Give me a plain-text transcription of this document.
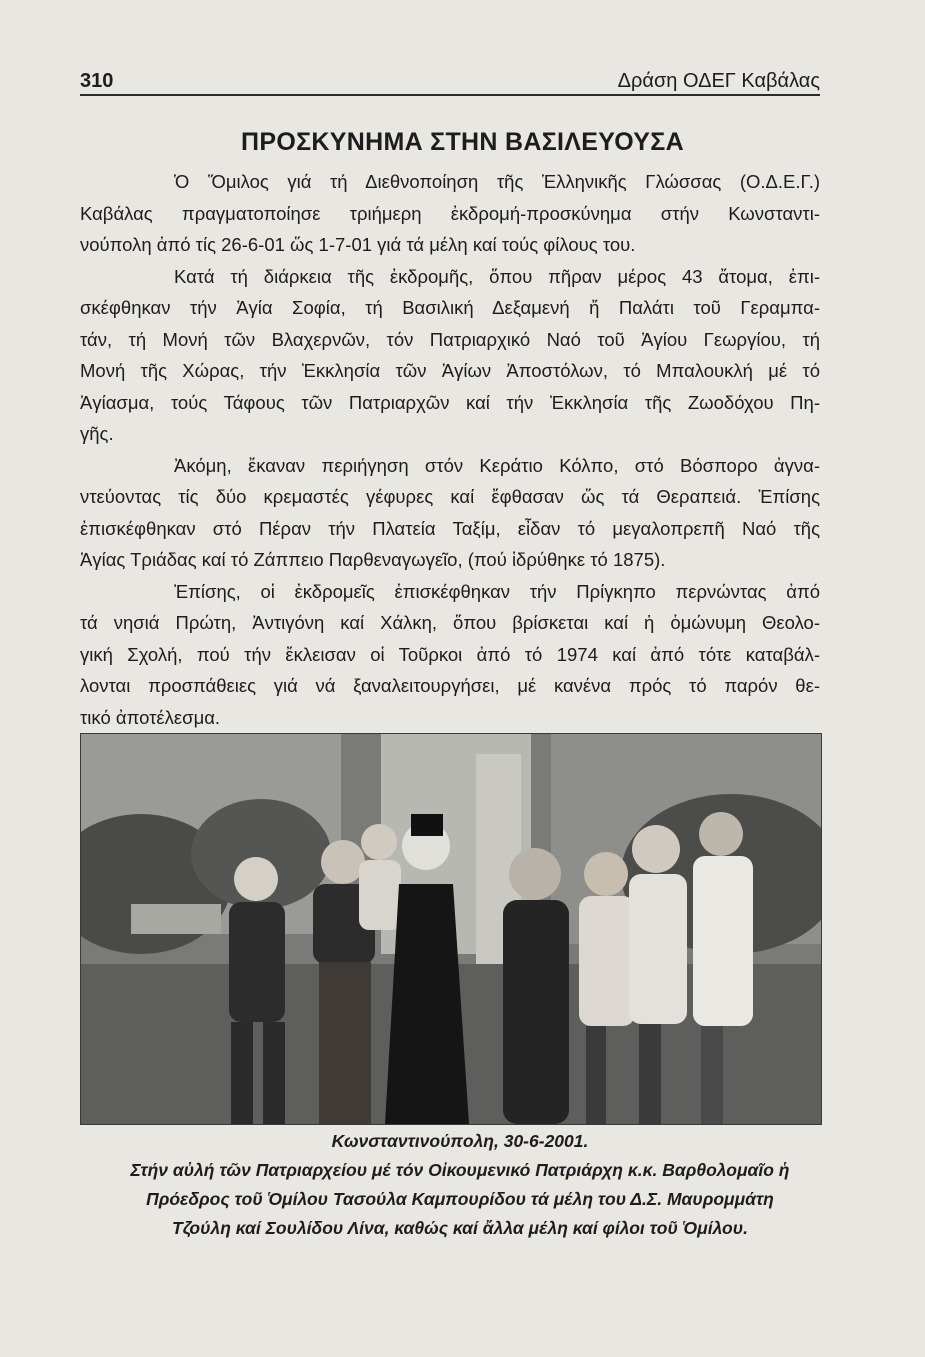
310	Δράση ΟΔΕΓ Καβάλας
ΠΡΟΣΚΥΝΗΜΑ ΣΤΗΝ ΒΑΣΙΛΕΥΟΥΣΑ
Ὁ Ὅμιλος γιά τή Διεθνοποίηση τῆς Ἑλληνικῆς Γλώσσας (Ο.Δ.Ε.Γ.)
Καβάλας πραγματοποίησε τριήμερη ἐκδρομή-προσκύνημα στήν Κωνσταντι-
νούπολη ἀπό τίς 26-6-01 ὥς 1-7-01 γιά τά μέλη καί τούς φίλους του.
Κατά τή διάρκεια τῆς ἐκδρομῆς, ὅπου πῆραν μέρος 43 ἄτομα, ἐπι-
σκέφθηκαν τήν Ἁγία Σοφία, τή Βασιλική Δεξαμενή ἤ Παλάτι τοῦ Γεραμπα-
τάν, τή Μονή τῶν Βλαχερνῶν, τόν Πατριαρχικό Ναό τοῦ Ἁγίου Γεωργίου, τή
Μονή τῆς Χώρας, τήν Ἐκκλησία τῶν Ἁγίων Ἀποστόλων, τό Μπαλουκλή μέ τό
Ἁγίασμα, τούς Τάφους τῶν Πατριαρχῶν καί τήν Ἐκκλησία τῆς Ζωοδόχου Πη-
γῆς.
Ἀκόμη, ἔκαναν περιήγηση στόν Κεράτιο Κόλπο, στό Βόσπορο ἀγνα-
ντεύοντας τίς δύο κρεμαστές γέφυρες καί ἔφθασαν ὥς τά Θεραπειά. Ἐπίσης
ἐπισκέφθηκαν στό Πέραν τήν Πλατεία Ταξίμ, εἶδαν τό μεγαλοπρεπῆ Ναό τῆς
Ἁγίας Τριάδας καί τό Ζάππειο Παρθεναγωγεῖο, (πού ἱδρύθηκε τό 1875).
Ἐπίσης, οἱ ἐκδρομεῖς ἐπισκέφθηκαν τήν Πρίγκηπο περνώντας ἀπό
τά νησιά Πρώτη, Ἀντιγόνη καί Χάλκη, ὅπου βρίσκεται καί ἡ ὁμώνυμη Θεολο-
γική Σχολή, πού τήν ἔκλεισαν οἱ Τοῦρκοι ἀπό τό 1974 καί ἀπό τότε καταβάλ-
λονται προσπάθειες γιά νά ξαναλειτουργήσει, μέ κανένα πρός τό παρόν θε-
τικό ἀποτέλεσμα.
Κωνσταντινούπολη, 30-6-2001.
Στήν αὐλή τῶν Πατριαρχείου μέ τόν Οἰκουμενικό Πατριάρχη κ.κ. Βαρθολομαῖο ἡ
Πρόεδρος τοῦ Ὁμίλου Τασούλα Καμπουρίδου τά μέλη του Δ.Σ. Μαυρομμάτη
Τζούλη καί Σουλίδου Λίνα, καθώς καί ἄλλα μέλη καί φίλοι τοῦ Ὁμίλου.
